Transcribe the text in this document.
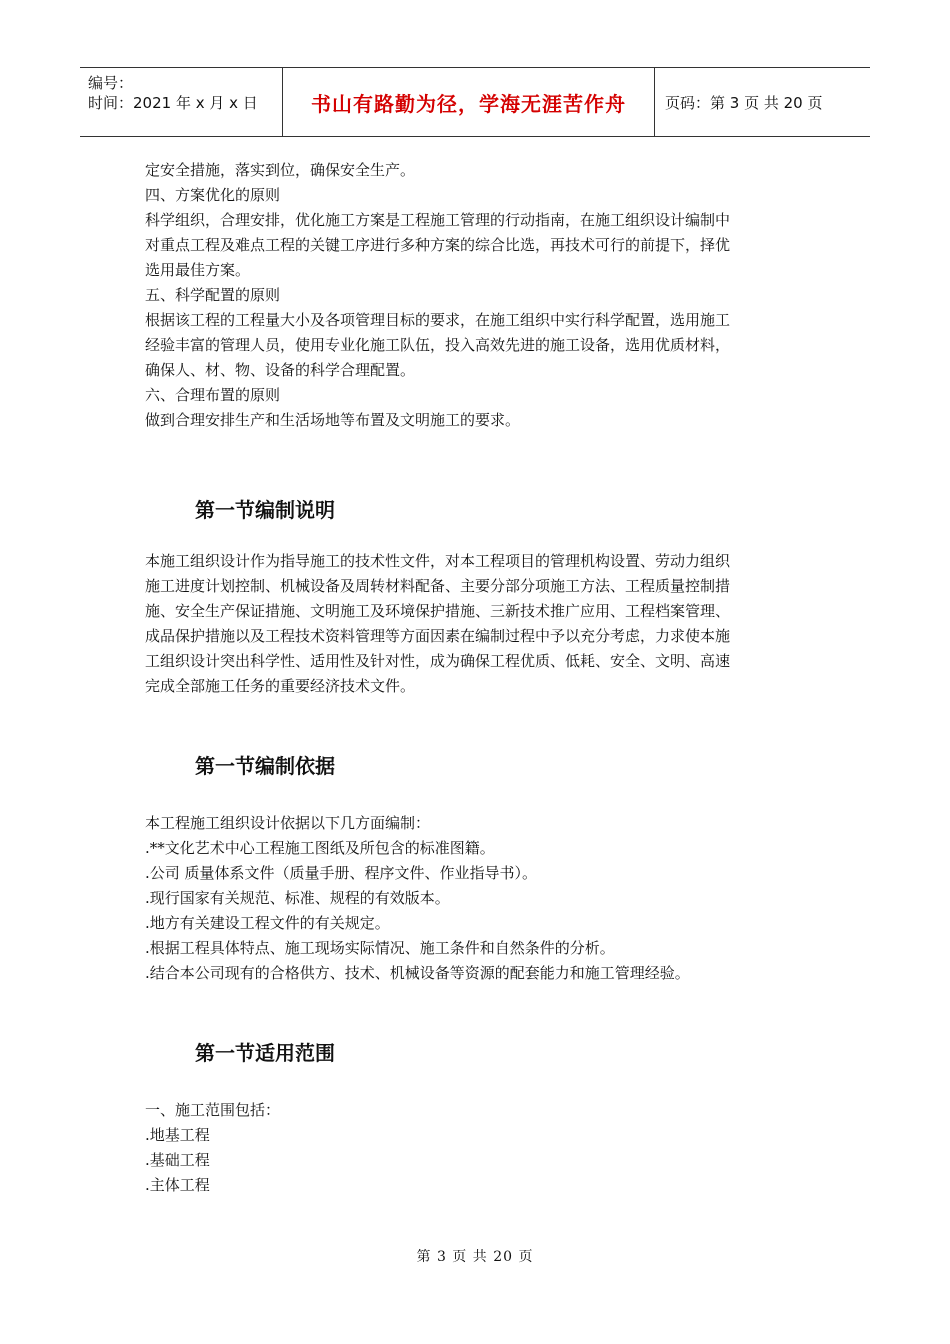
编号：
时间：2021 年 x 月 x 日	书山有路勤为径，学海无涯苦作舟	页码：第 3 页 共 20 页

定安全措施，落实到位，确保安全生产。

四、方案优化的原则

科学组织，合理安排，优化施工方案是工程施工管理的行动指南，在施工组织设计编制中

对重点工程及难点工程的关键工序进行多种方案的综合比选，再技术可行的前提下，择优

选用最佳方案。

五、科学配置的原则

根据该工程的工程量大小及各项管理目标的要求，在施工组织中实行科学配置，选用施工

经验丰富的管理人员，使用专业化施工队伍，投入高效先进的施工设备，选用优质材料，

确保人、材、物、设备的科学合理配置。

六、合理布置的原则

做到合理安排生产和生活场地等布置及文明施工的要求。

第一节编制说明

本施工组织设计作为指导施工的技术性文件，对本工程项目的管理机构设置、劳动力组织

施工进度计划控制、机械设备及周转材料配备、主要分部分项施工方法、工程质量控制措

施、安全生产保证措施、文明施工及环境保护措施、三新技术推广应用、工程档案管理、

成品保护措施以及工程技术资料管理等方面因素在编制过程中予以充分考虑，力求使本施

工组织设计突出科学性、适用性及针对性，成为确保工程优质、低耗、安全、文明、高速

完成全部施工任务的重要经济技术文件。

第一节编制依据

本工程施工组织设计依据以下几方面编制：

.**文化艺术中心工程施工图纸及所包含的标准图籍。

.公司 质量体系文件（质量手册、程序文件、作业指导书）。

.现行国家有关规范、标准、规程的有效版本。

.地方有关建设工程文件的有关规定。

.根据工程具体特点、施工现场实际情况、施工条件和自然条件的分析。

.结合本公司现有的合格供方、技术、机械设备等资源的配套能力和施工管理经验。

第一节适用范围

一、施工范围包括：

.地基工程

.基础工程

.主体工程

第 3 页 共 20 页
